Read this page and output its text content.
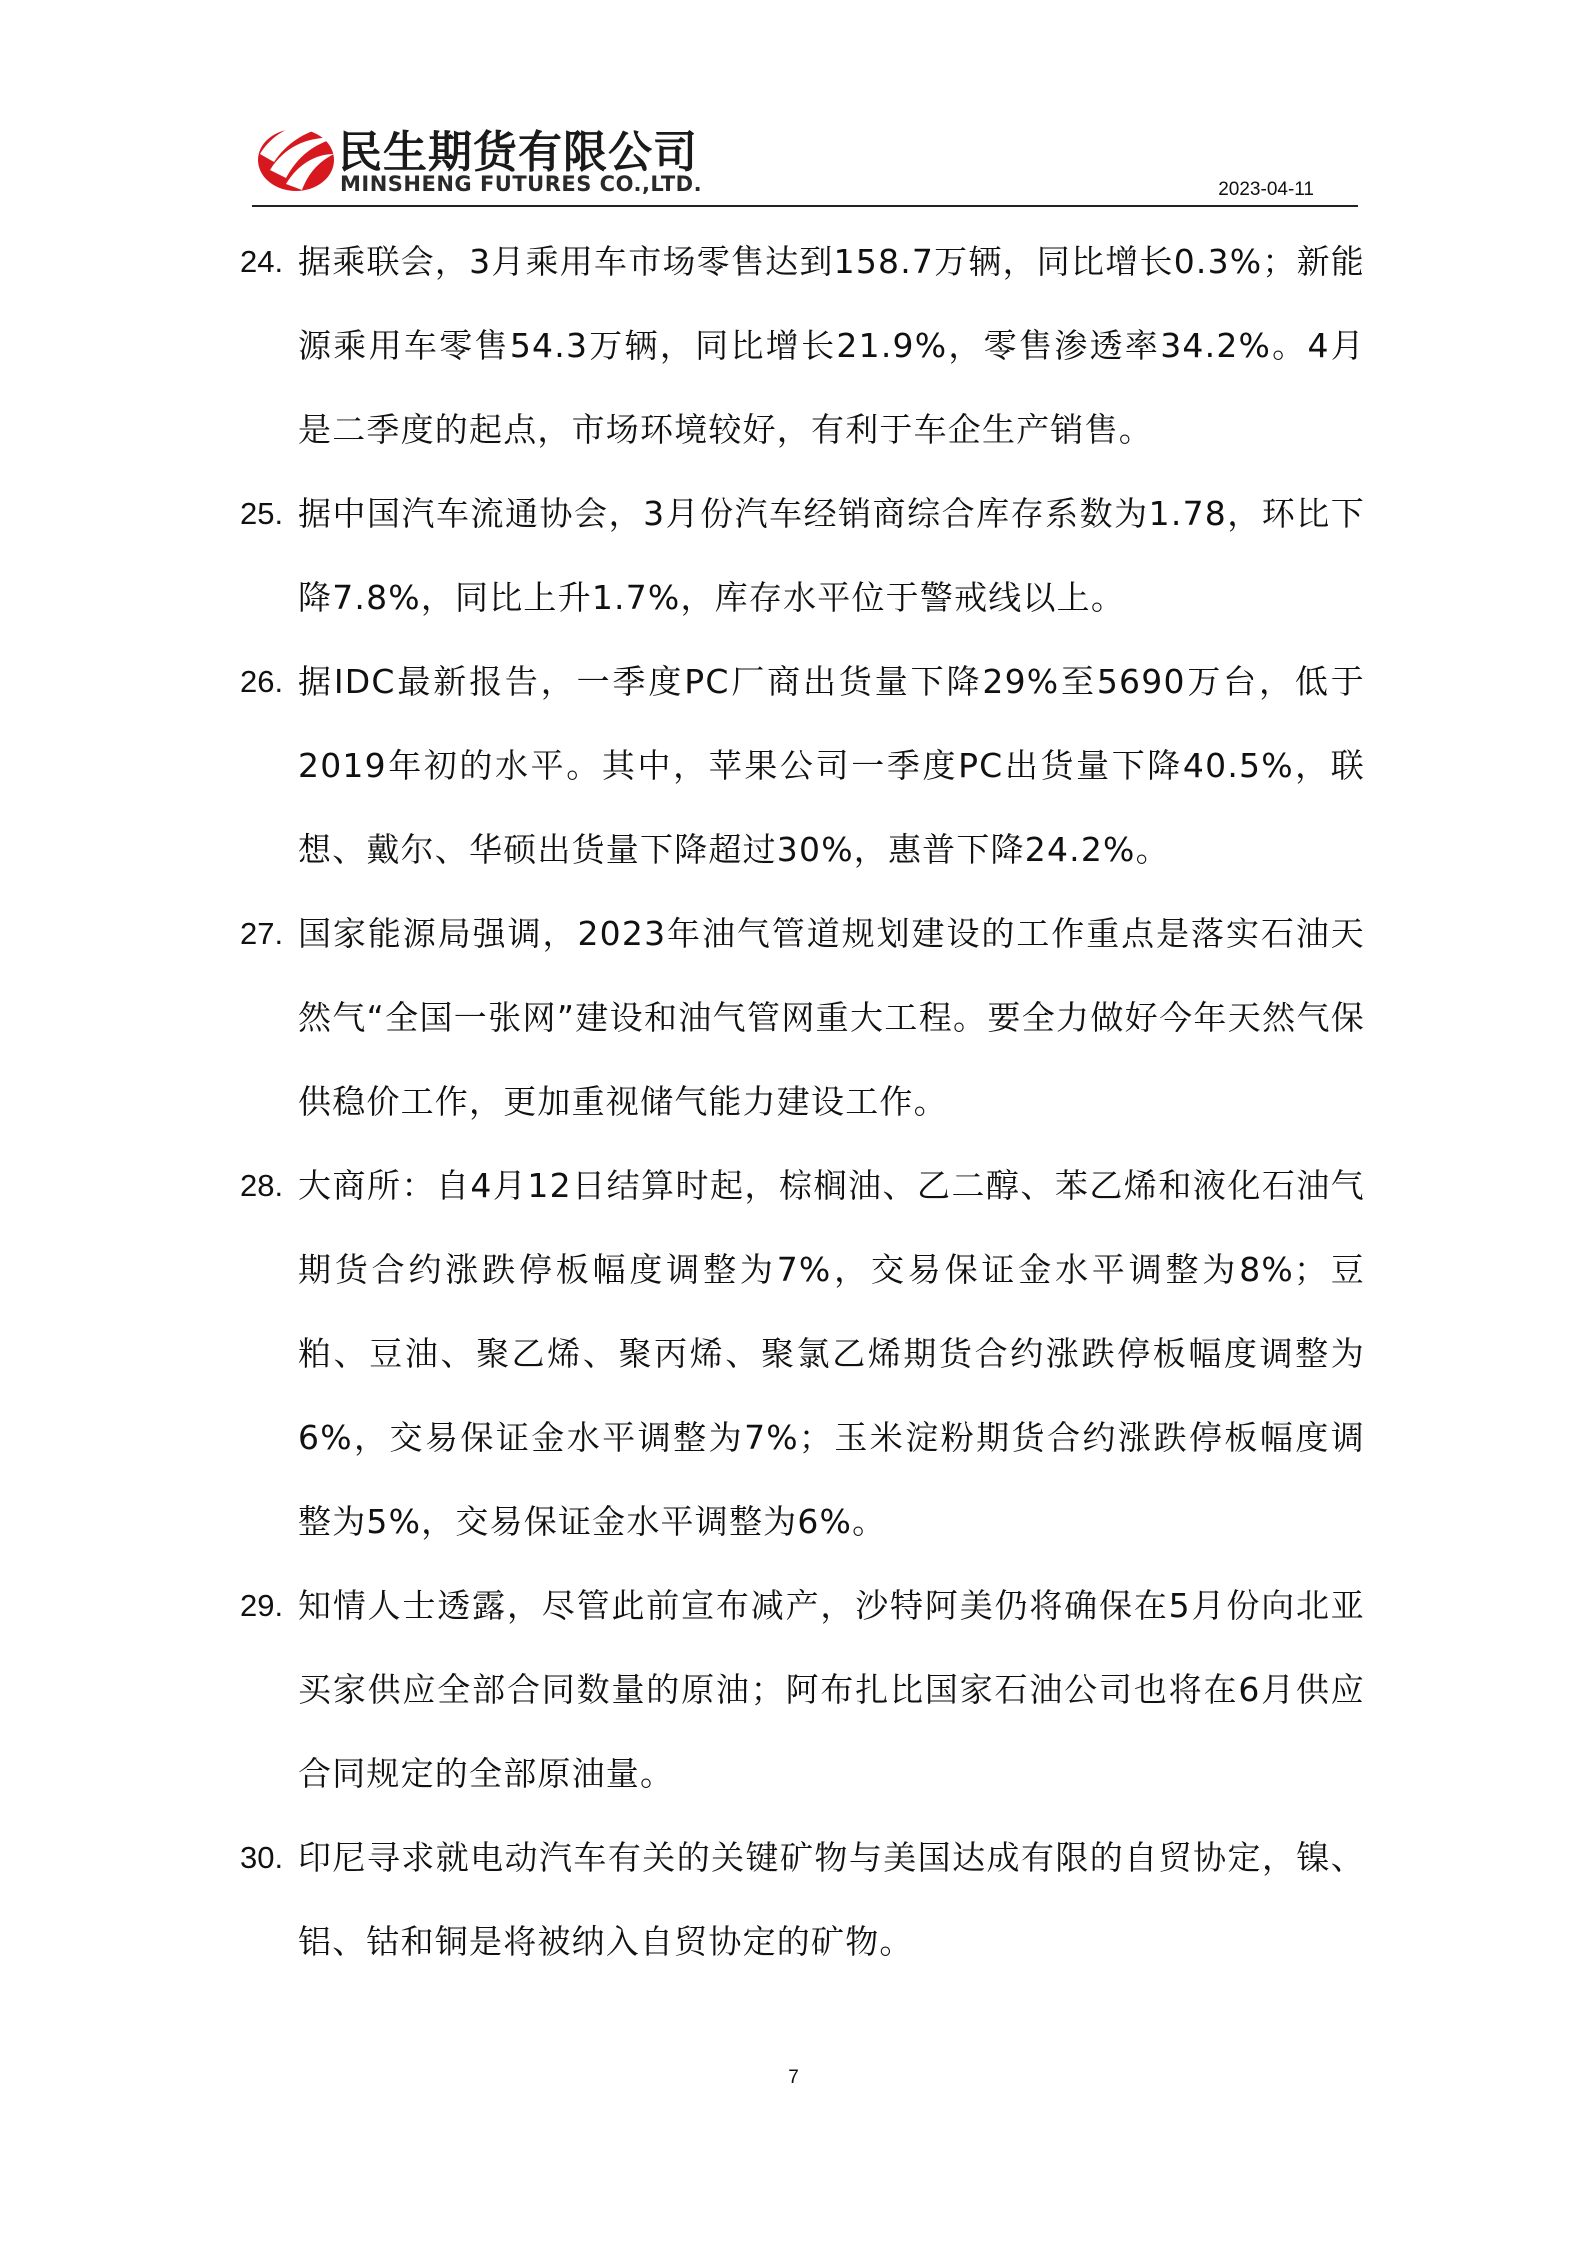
民生期货有限公司
MINSHENG FUTURES CO.,LTD.	2023-04-11
24. 据乘联会，3月乘用车市场零售达到158.7万辆，同比增长0.3%；新能源乘用车零售54.3万辆，同比增长21.9%，零售渗透率34.2%。4月是二季度的起点，市场环境较好，有利于车企生产销售。
25. 据中国汽车流通协会，3月份汽车经销商综合库存系数为1.78，环比下降7.8%，同比上升1.7%，库存水平位于警戒线以上。
26. 据IDC最新报告，一季度PC厂商出货量下降29%至5690万台，低于2019年初的水平。其中，苹果公司一季度PC出货量下降40.5%，联想、戴尔、华硕出货量下降超过30%，惠普下降24.2%。
27. 国家能源局强调，2023年油气管道规划建设的工作重点是落实石油天然气“全国一张网”建设和油气管网重大工程。要全力做好今年天然气保供稳价工作，更加重视储气能力建设工作。
28. 大商所：自4月12日结算时起，棕榈油、乙二醇、苯乙烯和液化石油气期货合约涨跌停板幅度调整为7%，交易保证金水平调整为8%；豆粕、豆油、聚乙烯、聚丙烯、聚氯乙烯期货合约涨跌停板幅度调整为6%，交易保证金水平调整为7%；玉米淀粉期货合约涨跌停板幅度调整为5%，交易保证金水平调整为6%。
29. 知情人士透露，尽管此前宣布减产，沙特阿美仍将确保在5月份向北亚买家供应全部合同数量的原油；阿布扎比国家石油公司也将在6月供应合同规定的全部原油量。
30. 印尼寻求就电动汽车有关的关键矿物与美国达成有限的自贸协定，镍、铝、钴和铜是将被纳入自贸协定的矿物。
7
